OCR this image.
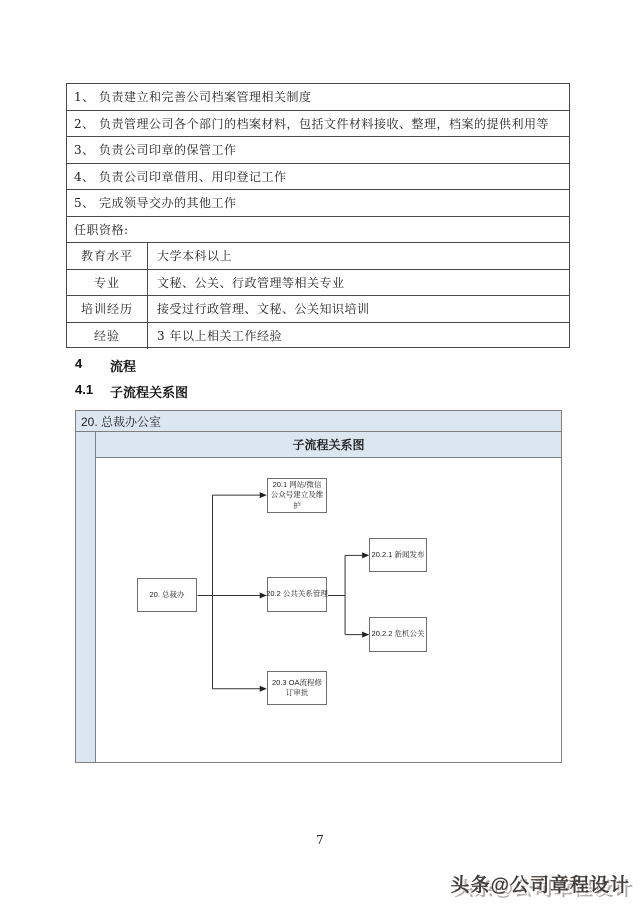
1、 负责建立和完善公司档案管理相关制度
2、 负责管理公司各个部门的档案材料，包括文件材料接收、整理，档案的提供利用等
3、 负责公司印章的保管工作
4、 负责公司印章借用、用印登记工作
5、 完成领导交办的其他工作
任职资格:
教育水平	大学本科以上
专业	文秘、公关、行政管理等相关专业
培训经历	接受过行政管理、文秘、公关知识培训
经验	3 年以上相关工作经验
4	流程
4.1	子流程关系图
20. 总裁办公室
子流程关系图
20. 总裁办
20.1 网站/微信公众号建立及维护
20.2 公共关系管理
20.3 OA流程修订审批
20.2.1 新闻发布
20.2.2 危机公关
7
头条@公司章程设计
